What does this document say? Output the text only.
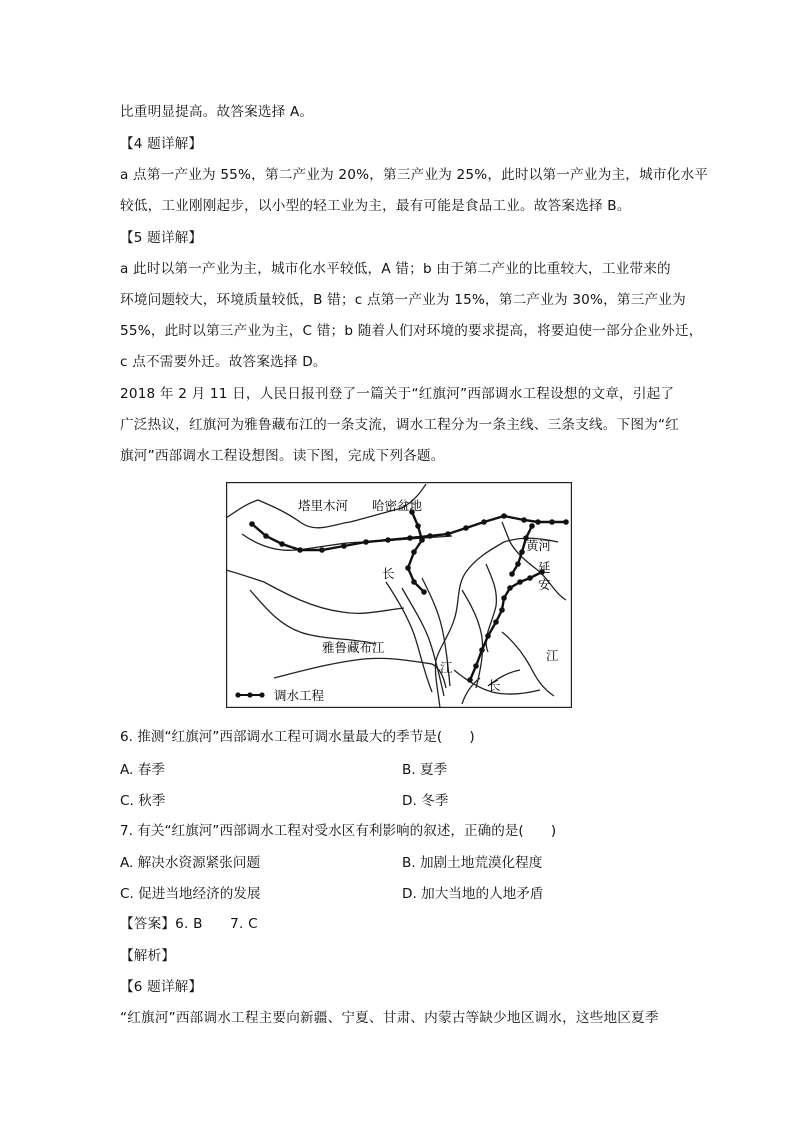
比重明显提高。故答案选择 A。
【4 题详解】
a 点第一产业为 55%，第二产业为 20%，第三产业为 25%，此时以第一产业为主，城市化水平
较低，工业刚刚起步，以小型的轻工业为主，最有可能是食品工业。故答案选择 B。
【5 题详解】
a 此时以第一产业为主，城市化水平较低，A 错；b 由于第二产业的比重较大，工业带来的
环境问题较大，环境质量较低，B 错；c 点第一产业为 15%，第二产业为 30%，第三产业为
55%，此时以第三产业为主，C 错；b 随着人们对环境的要求提高，将要迫使一部分企业外迁，
c 点不需要外迁。故答案选择 D。
2018 年 2 月 11 日，人民日报刊登了一篇关于“红旗河”西部调水工程设想的文章，引起了
广泛热议，红旗河为雅鲁藏布江的一条支流，调水工程分为一条主线、三条支线。下图为“红
旗河”西部调水工程设想图。读下图，完成下列各题。
塔里木河 哈密盆地
黄河
延
安
长
雅鲁藏布江
江
江
长
调水工程
6. 推测“红旗河”西部调水工程可调水量最大的季节是(　　)
A. 春季	B. 夏季
C. 秋季	D. 冬季
7. 有关“红旗河”西部调水工程对受水区有利影响的叙述，正确的是(　　)
A. 解决水资源紧张问题	B. 加剧土地荒漠化程度
C. 促进当地经济的发展	D. 加大当地的人地矛盾
【答案】6. B　　7. C
【解析】
【6 题详解】
“红旗河”西部调水工程主要向新疆、宁夏、甘肃、内蒙古等缺少地区调水，这些地区夏季
